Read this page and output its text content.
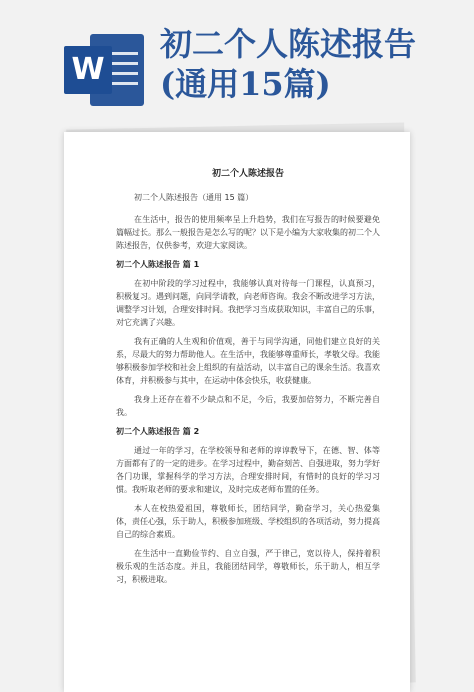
W
初二个人陈述报告
(通用15篇)
初二个人陈述报告
初二个人陈述报告（通用 15 篇）

在生活中，报告的使用频率呈上升趋势，我们在写报告的时候要避免篇幅过长。那么一般报告是怎么写的呢？以下是小编为大家收集的初二个人陈述报告，仅供参考，欢迎大家阅读。

初二个人陈述报告 篇 1

在初中阶段的学习过程中，我能够认真对待每一门课程，认真预习，积极复习。遇到问题，向同学请教，向老师咨询。我会不断改进学习方法，调整学习计划，合理安排时间。我把学习当成获取知识，丰富自己的乐事，对它充满了兴趣。

我有正确的人生观和价值观，善于与同学沟通，同他们建立良好的关系，尽最大的努力帮助他人。在生活中，我能够尊重师长，孝敬父母。我能够积极参加学校和社会上组织的有益活动，以丰富自己的课余生活。我喜欢体育，并积极参与其中，在运动中体会快乐，收获健康。

我身上还存在着不少缺点和不足，今后，我要加倍努力，不断完善自我。

初二个人陈述报告 篇 2

通过一年的学习，在学校领导和老师的谆谆教导下，在德、智、体等方面都有了的一定的进步。在学习过程中，勤奋刻苦、自强进取，努力学好各门功课，掌握科学的学习方法，合理安排时间，有惜时的良好的学习习惯。我听取老师的要求和建议，及时完成老师布置的任务。

本人在校热爱祖国，尊敬师长，团结同学，勤奋学习，关心热爱集体，责任心强，乐于助人，积极参加班级、学校组织的各项活动，努力提高自己的综合素质。

在生活中一直勤俭节约、自立自强，严于律己，宽以待人，保持着积极乐观的生活态度。并且，我能团结同学，尊敬师长，乐于助人，相互学习，积极进取。
